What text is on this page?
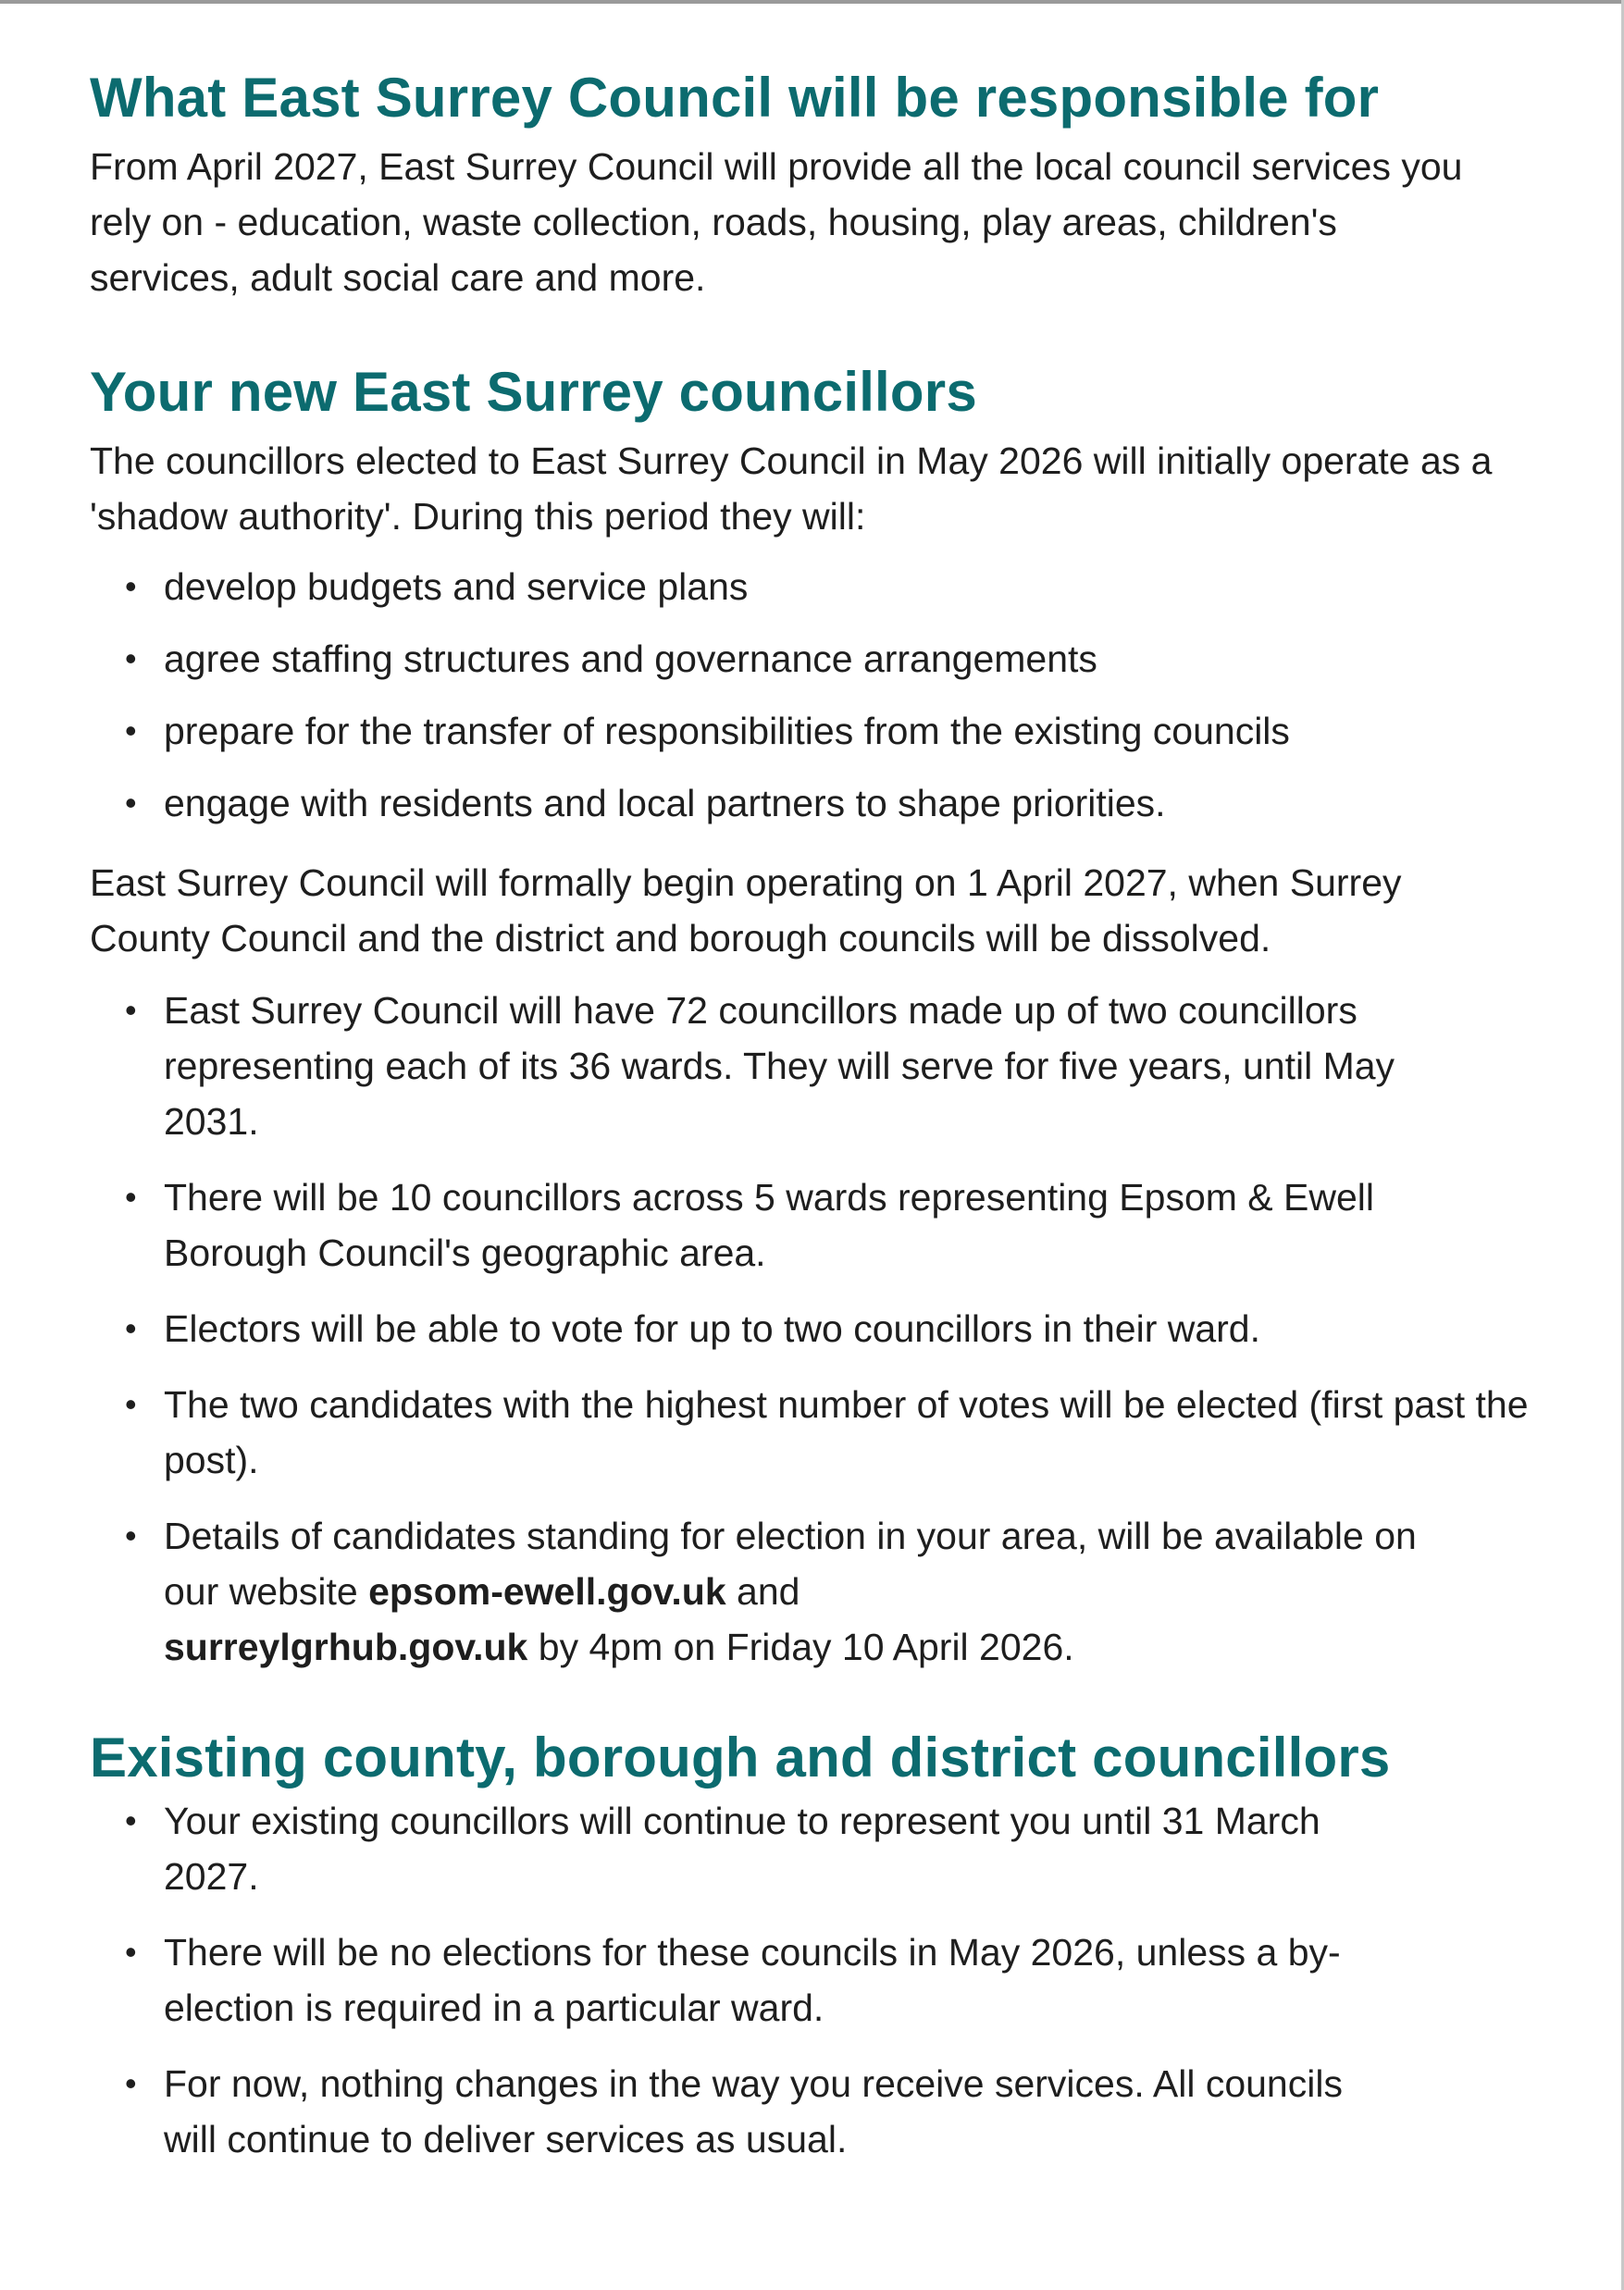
What East Surrey Council will be responsible for

From April 2027, East Surrey Council will provide all the local council services you rely on - education, waste collection, roads, housing, play areas, children's services, adult social care and more.

Your new East Surrey councillors

The councillors elected to East Surrey Council in May 2026 will initially operate as a 'shadow authority'. During this period they will:

• develop budgets and service plans
• agree staffing structures and governance arrangements
• prepare for the transfer of responsibilities from the existing councils
• engage with residents and local partners to shape priorities.

East Surrey Council will formally begin operating on 1 April 2027, when Surrey County Council and the district and borough councils will be dissolved.

• East Surrey Council will have 72 councillors made up of two councillors representing each of its 36 wards. They will serve for five years, until May 2031.
• There will be 10 councillors across 5 wards representing Epsom & Ewell Borough Council's geographic area.
• Electors will be able to vote for up to two councillors in their ward.
• The two candidates with the highest number of votes will be elected (first past the post).
• Details of candidates standing for election in your area, will be available on our website epsom-ewell.gov.uk and
surreylgrhub.gov.uk by 4pm on Friday 10 April 2026.
Existing county, borough and district councillors
• Your existing councillors will continue to represent you until 31 March 2027.
• There will be no elections for these councils in May 2026, unless a by-election is required in a particular ward.
• For now, nothing changes in the way you receive services. All councils will continue to deliver services as usual.
